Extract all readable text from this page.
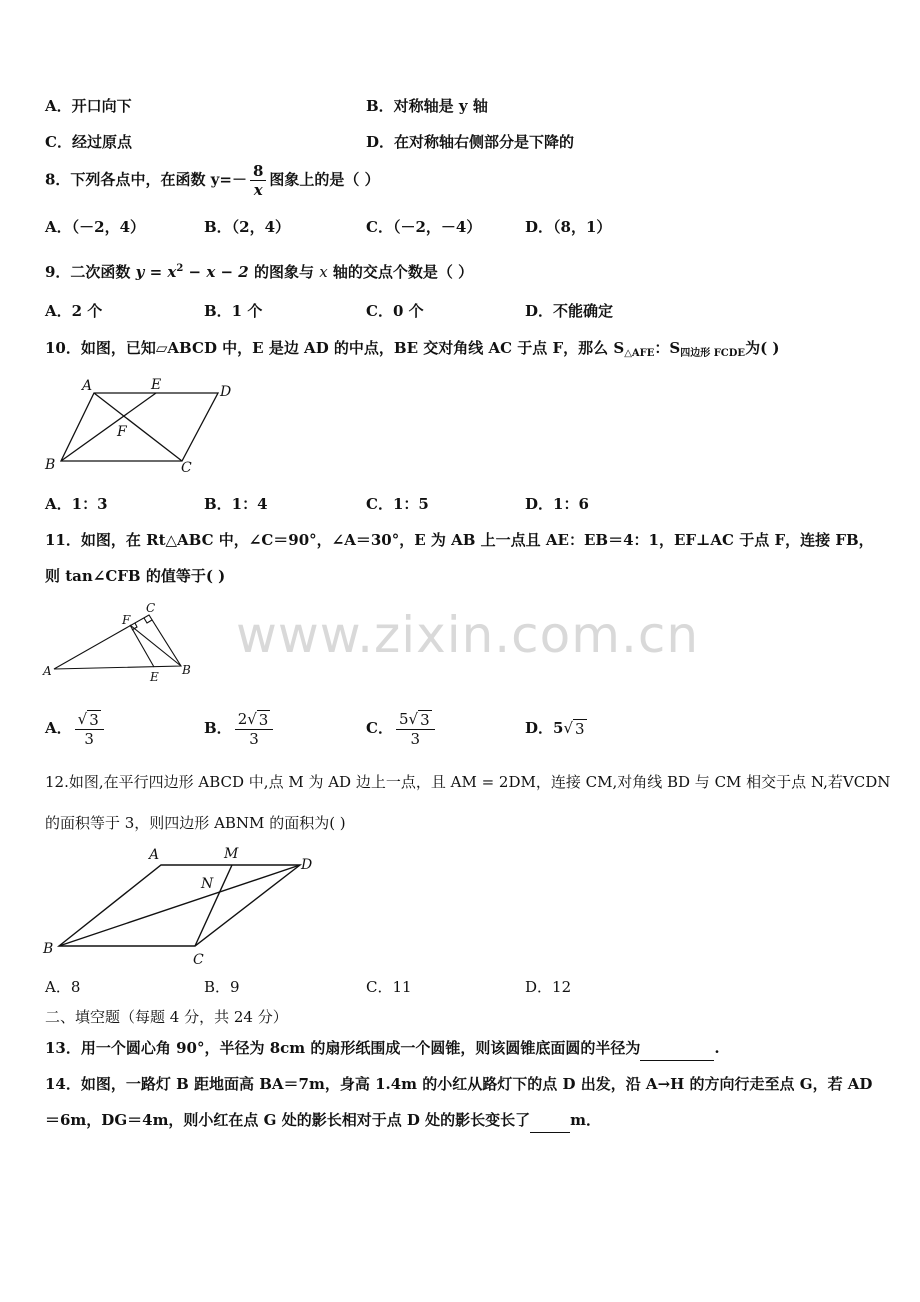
www.zixin.com.cn
A．开口向下	B．对称轴是 y 轴
C．经过原点	D．在对称轴右侧部分是下降的
8．下列各点中，在函数 $y=- \frac{8}{x}$ 图象上的是（ ）
A．（－2，4）	B．（2，4）	C．（－2，－4）	D．（8，1）
9．二次函数 $y = x^2 - x - 2$ 的图象与 x 轴的交点个数是（ ）
A．2 个	B．1 个	C．0 个	D．不能确定
10．如图，已知▱ABCD 中，E 是边 AD 的中点，BE 交对角线 AC 于点 F，那么 $S_{\triangle AFE}$：$S_{四边形 FCDE}$为( )
A	E	D
F
B	C
A．1：3	B．1：4	C．1：5	D．1：6
11．如图，在 Rt△ABC 中，∠C＝90°，∠A＝30°，E 为 AB 上一点且 AE：EB＝4：1，EF⊥AC 于点 F，连接 FB，
则 tan∠CFB 的值等于( )
A	B
C
E
F
A． $\frac{√ 3}{3}$	B． $\frac{2√ 3}{3}$	C． $\frac{5√ 3}{3}$	D．5√ 3
12.如图,在平行四边形 ABCD 中,点 M 为 AD 边上一点，且 AM = 2DM，连接 CM,对角线 BD 与 CM 相交于点 N,若VCDN
的面积等于 3，则四边形 ABNM 的面积为( )
A	M
D
N
B
C
A．8	B．9	C．11	D．12
二、填空题（每题 4 分，共 24 分）
13．用一个圆心角 90°，半径为 8cm 的扇形纸围成一个圆锥，则该圆锥底面圆的半径为	.
14．如图，一路灯 B 距地面高 BA＝7m，身高 1.4m 的小红从路灯下的点 D 出发，沿 A→H 的方向行走至点 G，若 AD
＝6m，DG＝4m，则小红在点 G 处的影长相对于点 D 处的影长变长了	m．
